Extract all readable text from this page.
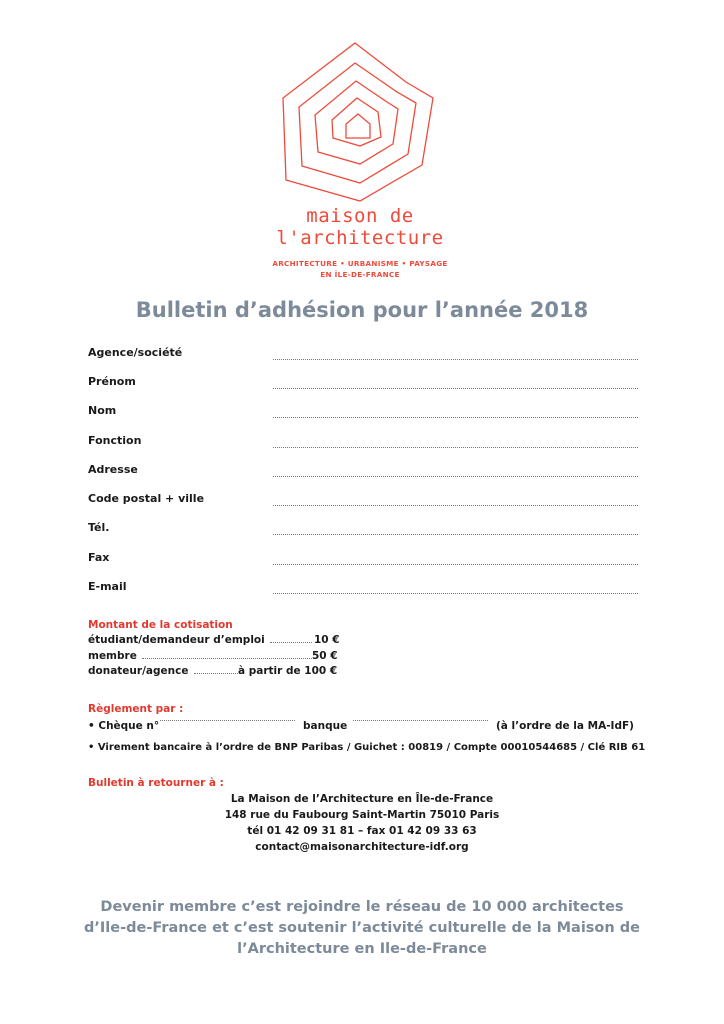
maison de
l'architecture
ARCHITECTURE • URBANISME • PAYSAGE
EN ÎLE-DE-FRANCE
Bulletin d’adhésion pour l’année 2018
Agence/société
Prénom
Nom
Fonction
Adresse
Code postal + ville
Tél.
Fax
E-mail
Montant de la cotisation
étudiant/demandeur d’emploi	10 €
membre	50 €
donateur/agence	à partir de 100 €
Règlement par :
• Chèque n°	banque	(à l’ordre de la MA-IdF)
• Virement bancaire à l’ordre de BNP Paribas / Guichet : 00819 / Compte 00010544685 / Clé RIB 61
Bulletin à retourner à :
La Maison de l’Architecture en Île-de-France
148 rue du Faubourg Saint-Martin 75010 Paris
tél 01 42 09 31 81 – fax 01 42 09 33 63
contact@maisonarchitecture-idf.org
Devenir membre c’est rejoindre le réseau de 10 000 architectes
d’Ile-de-France et c’est soutenir l’activité culturelle de la Maison de
l’Architecture en Ile-de-France
